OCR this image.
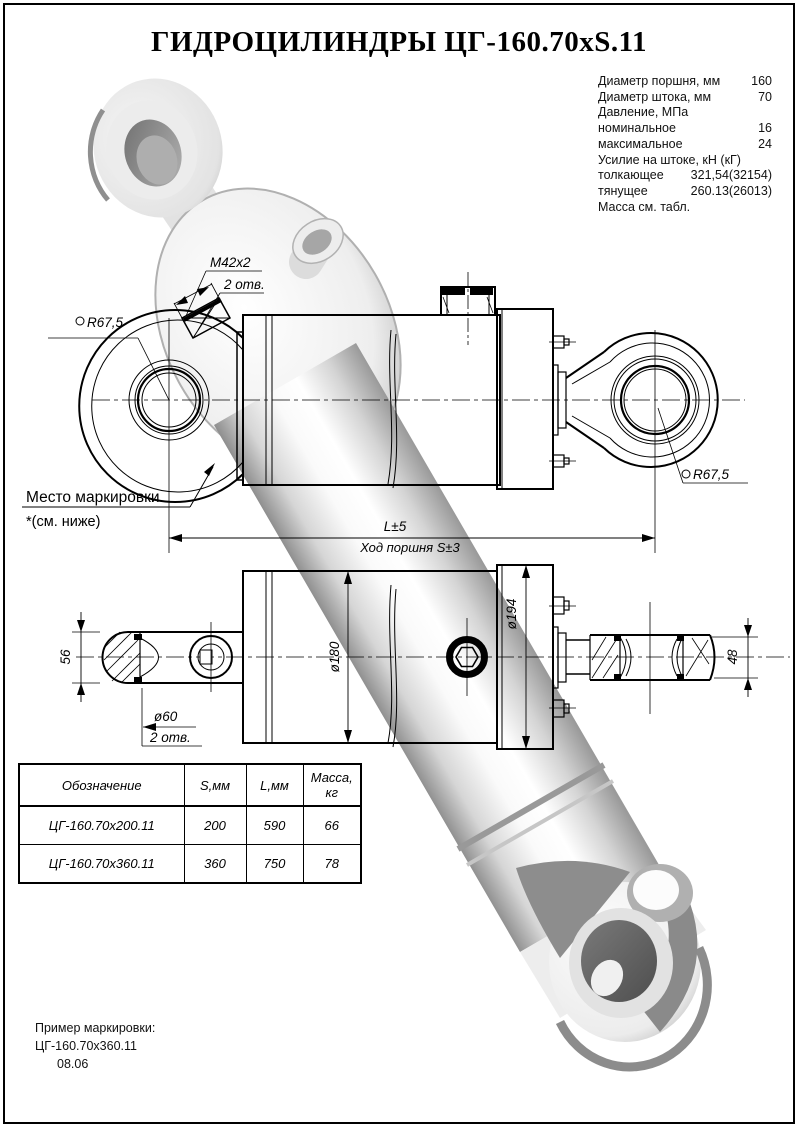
ГИДРОЦИЛИНДРЫ ЦГ-160.70хS.11
Диаметр поршня, мм 160
Диаметр штока, мм	70
Давление, МПа
номинальное	16
максимальное	24
Усилие на штоке, кН (кГ)
толкающее 321,54(32154)
тянущее	260.13(26013)
Масса см. табл.
М42х2
2 отв.
R67,5
R67,5
Место маркировки
*(см. ниже)	L±5
Ход поршня S±3
ø180
ø194
56	48
ø60
2 отв.
Обозначение	S,мм	L,мм	Масса, кг
ЦГ-160.70х200.11	200	590	66
ЦГ-160.70х360.11	360	750	78
Пример маркировки:
ЦГ-160.70х360.11
08.06
